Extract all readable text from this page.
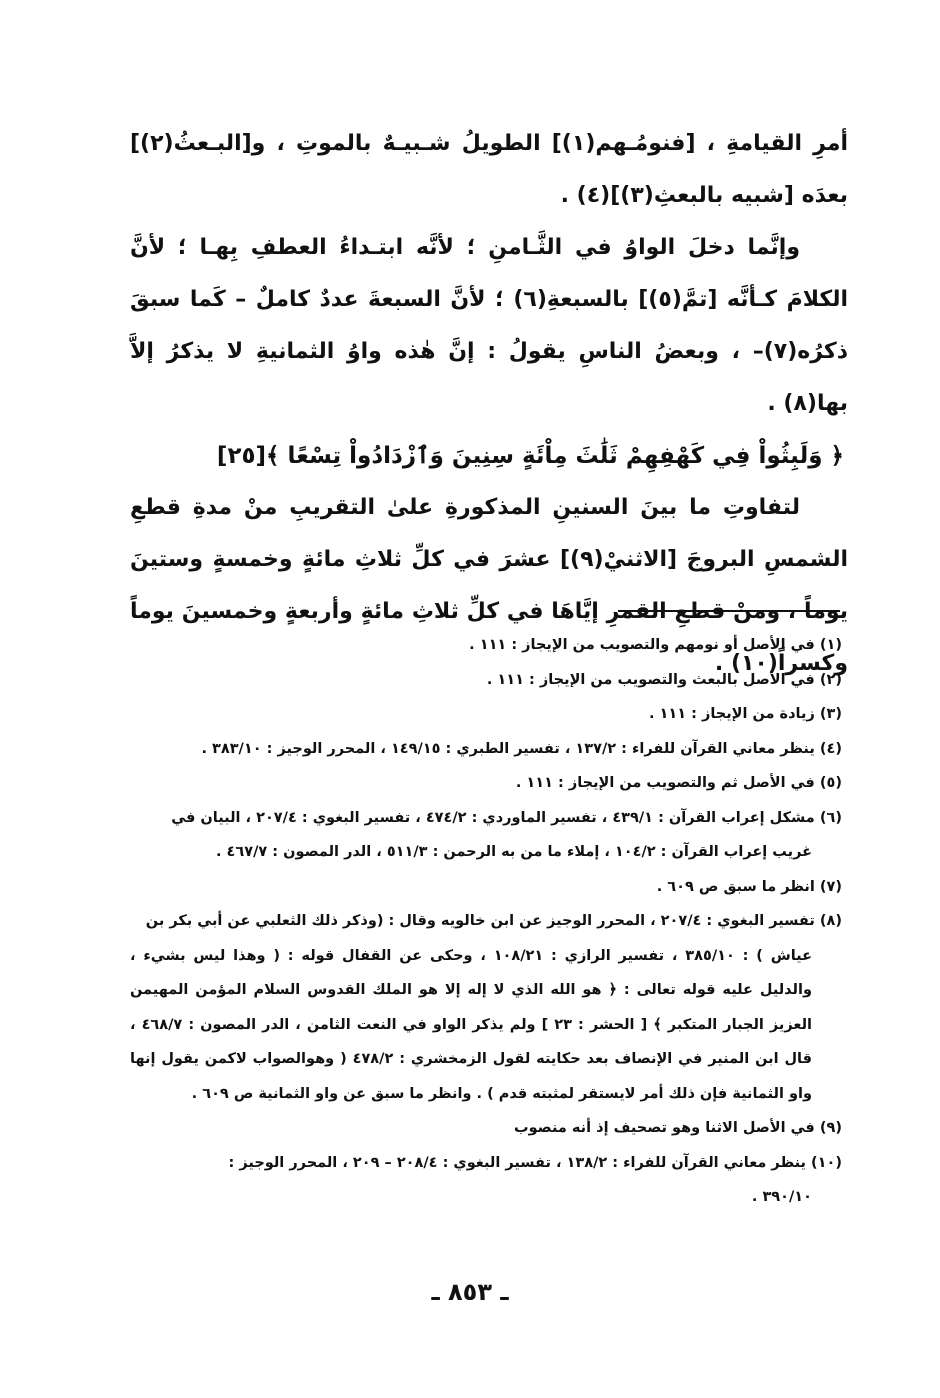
أمرِ القيامةِ ، [فنومُـهم(١)] الطويلُ شـبيـهٌ بالموتِ ، و[البـعثُ(٢)] بعدَه [شبيه بالبعثِ(٣)](٤) .

وإنَّما دخلَ الواوُ في الثَّـامنِ ؛ لأنَّه ابتـداءُ العطفِ بِهـا ؛ لأنَّ الكلامَ كـأنَّه [تمَّ(٥)] بالسبعةِ(٦) ؛ لأنَّ السبعةَ عددٌ كاملٌ – كَما سبقَ ذكرُه(٧)– ، وبعضُ الناسِ يقولُ : إنَّ هٰذه واوُ الثمانيةِ لا يذكرُ إلاَّ بها(٨) .

﴿ وَلَبِثُواْ فِي كَهْفِهِمْ ثَلَٰثَ مِاْئَةٍ سِنِينَ وَٱزْدَادُواْ تِسْعًا ﴾[٢٥]

لتفاوتِ ما بينَ السنينِ المذكورةِ علىٰ التقريبِ منْ مدةِ قطعِ الشمسِ البروجَ [الاثنيْ(٩)] عشرَ في كلِّ ثلاثِ مائةٍ وخمسةٍ وستينَ يوماً ، ومنْ قطعِ القمرِ إيَّاهَا في كلِّ ثلاثِ مائةٍ وأربعةٍ وخمسينَ يوماً وكسراً(١٠) .

(١) في الأصل أو نومهم والتصويب من الإيجاز : ١١١ .

(٢) في الأصل بالبعث والتصويب من الإيجاز : ١١١ .

(٣) زيادة من الإيجاز : ١١١ .

(٤) ينظر معاني القرآن للفراء : ١٣٧/٢ ، تفسير الطبري : ١٤٩/١٥ ، المحرر الوجيز : ٣٨٣/١٠ .

(٥) في الأصل ثم والتصويب من الإيجاز : ١١١ .

(٦) مشكل إعراب القرآن : ٤٣٩/١ ، تفسير الماوردي : ٤٧٤/٢ ، تفسير البغوي : ٢٠٧/٤ ، البيان في
غريب إعراب القرآن : ١٠٤/٢ ، إملاء ما من به الرحمن : ٥١١/٣ ، الدر المصون : ٤٦٧/٧ .

(٧) انظر ما سبق ص ٦٠٩ .

(٨) تفسير البغوي : ٢٠٧/٤ ، المحرر الوجيز عن ابن خالويه وقال : (وذكر ذلك الثعلبي عن أبي بكر بن
عياش ) : ٣٨٥/١٠ ، تفسير الرازي : ١٠٨/٢١ ، وحكى عن القفال قوله : ( وهذا ليس بشيء ، والدليل عليه قوله تعالى : ﴿ هو الله الذي لا إله إلا هو الملك القدوس السلام المؤمن المهيمن العزيز الجبار المتكبر ﴾ [ الحشر : ٢٣ ] ولم يذكر الواو في النعت الثامن ، الدر المصون : ٤٦٨/٧ ، قال ابن المنير في الإنصاف بعد حكايته لقول الزمخشري : ٤٧٨/٢ ( وهوالصواب لاكمن يقول إنها واو الثمانية فإن ذلك أمر لايستقر لمثبته قدم ) . وانظر ما سبق عن واو الثمانية ص ٦٠٩ .

(٩) في الأصل الاثنا وهو تصحيف إذ أنه منصوب

(١٠) ينظر معاني القرآن للفراء : ١٣٨/٢ ، تفسير البغوي : ٢٠٨/٤ – ٢٠٩ ، المحرر الوجيز :
٣٩٠/١٠ .

ـ ٨٥٣ ـ
